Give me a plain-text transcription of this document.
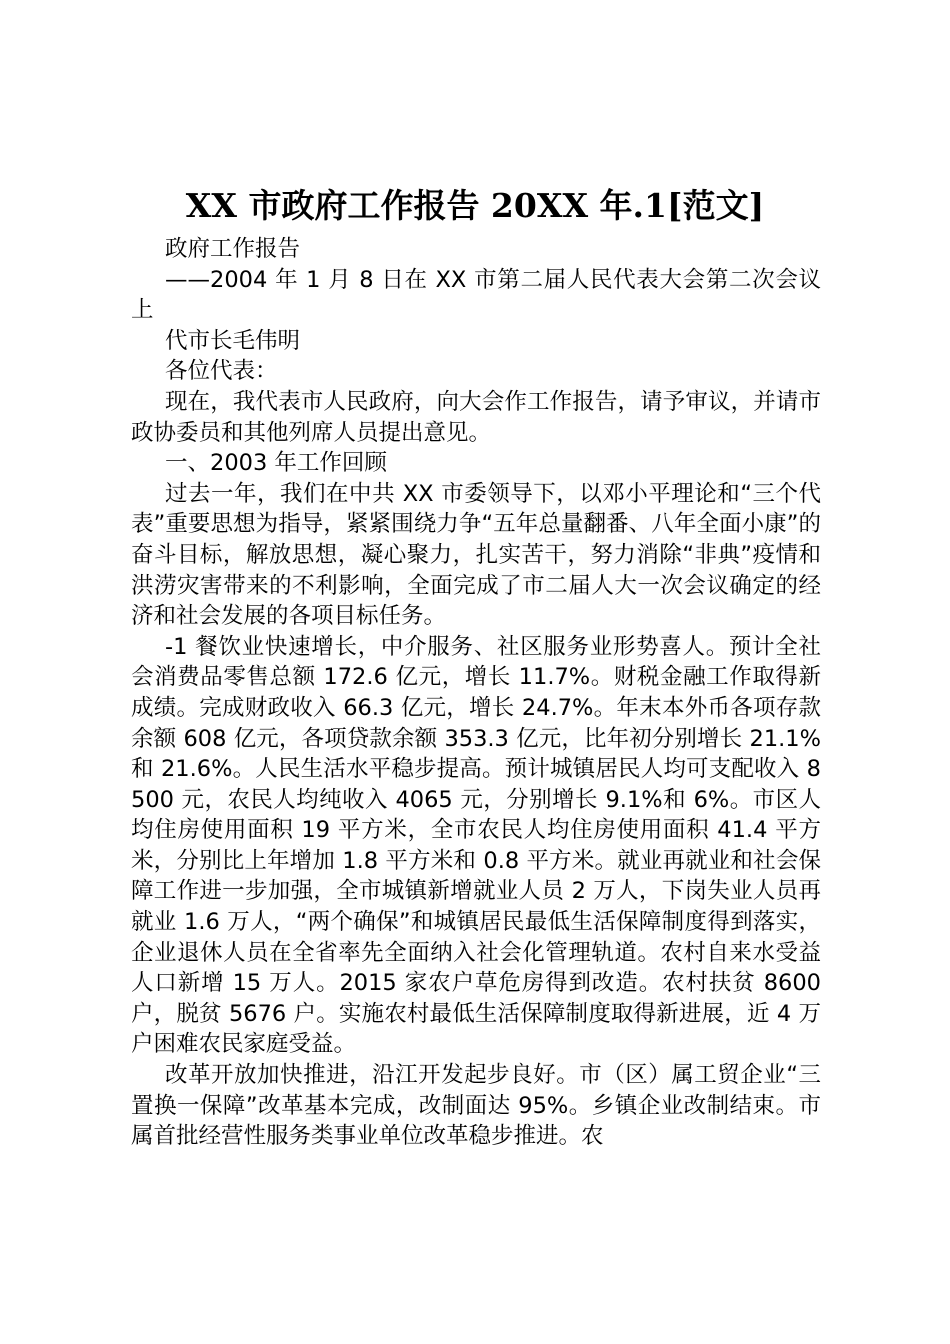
XX 市政府工作报告 20XX 年.1[范文]

政府工作报告

——2004 年 1 月 8 日在 XX 市第二届人民代表大会第二次会议上

代市长毛伟明

各位代表：

现在，我代表市人民政府，向大会作工作报告，请予审议，并请市政协委员和其他列席人员提出意见。

一、2003 年工作回顾

过去一年，我们在中共 XX 市委领导下，以邓小平理论和“三个代表”重要思想为指导，紧紧围绕力争“五年总量翻番、八年全面小康”的奋斗目标，解放思想，凝心聚力，扎实苦干，努力消除“非典”疫情和洪涝灾害带来的不利影响，全面完成了市二届人大一次会议确定的经济和社会发展的各项目标任务。

-1 餐饮业快速增长，中介服务、社区服务业形势喜人。预计全社会消费品零售总额 172.6 亿元，增长 11.7%。财税金融工作取得新成绩。完成财政收入 66.3 亿元，增长 24.7%。年末本外币各项存款余额 608 亿元，各项贷款余额 353.3 亿元，比年初分别增长 21.1%和 21.6%。人民生活水平稳步提高。预计城镇居民人均可支配收入 8500 元，农民人均纯收入 4065 元，分别增长 9.1%和 6%。市区人均住房使用面积 19 平方米，全市农民人均住房使用面积 41.4 平方米，分别比上年增加 1.8 平方米和 0.8 平方米。就业再就业和社会保障工作进一步加强，全市城镇新增就业人员 2 万人，下岗失业人员再就业 1.6 万人，“两个确保”和城镇居民最低生活保障制度得到落实，企业退休人员在全省率先全面纳入社会化管理轨道。农村自来水受益人口新增 15 万人。2015 家农户草危房得到改造。农村扶贫 8600 户，脱贫 5676 户。实施农村最低生活保障制度取得新进展，近 4 万户困难农民家庭受益。

改革开放加快推进，沿江开发起步良好。市（区）属工贸企业“三置换一保障”改革基本完成，改制面达 95%。乡镇企业改制结束。市属首批经营性服务类事业单位改革稳步推进。农
